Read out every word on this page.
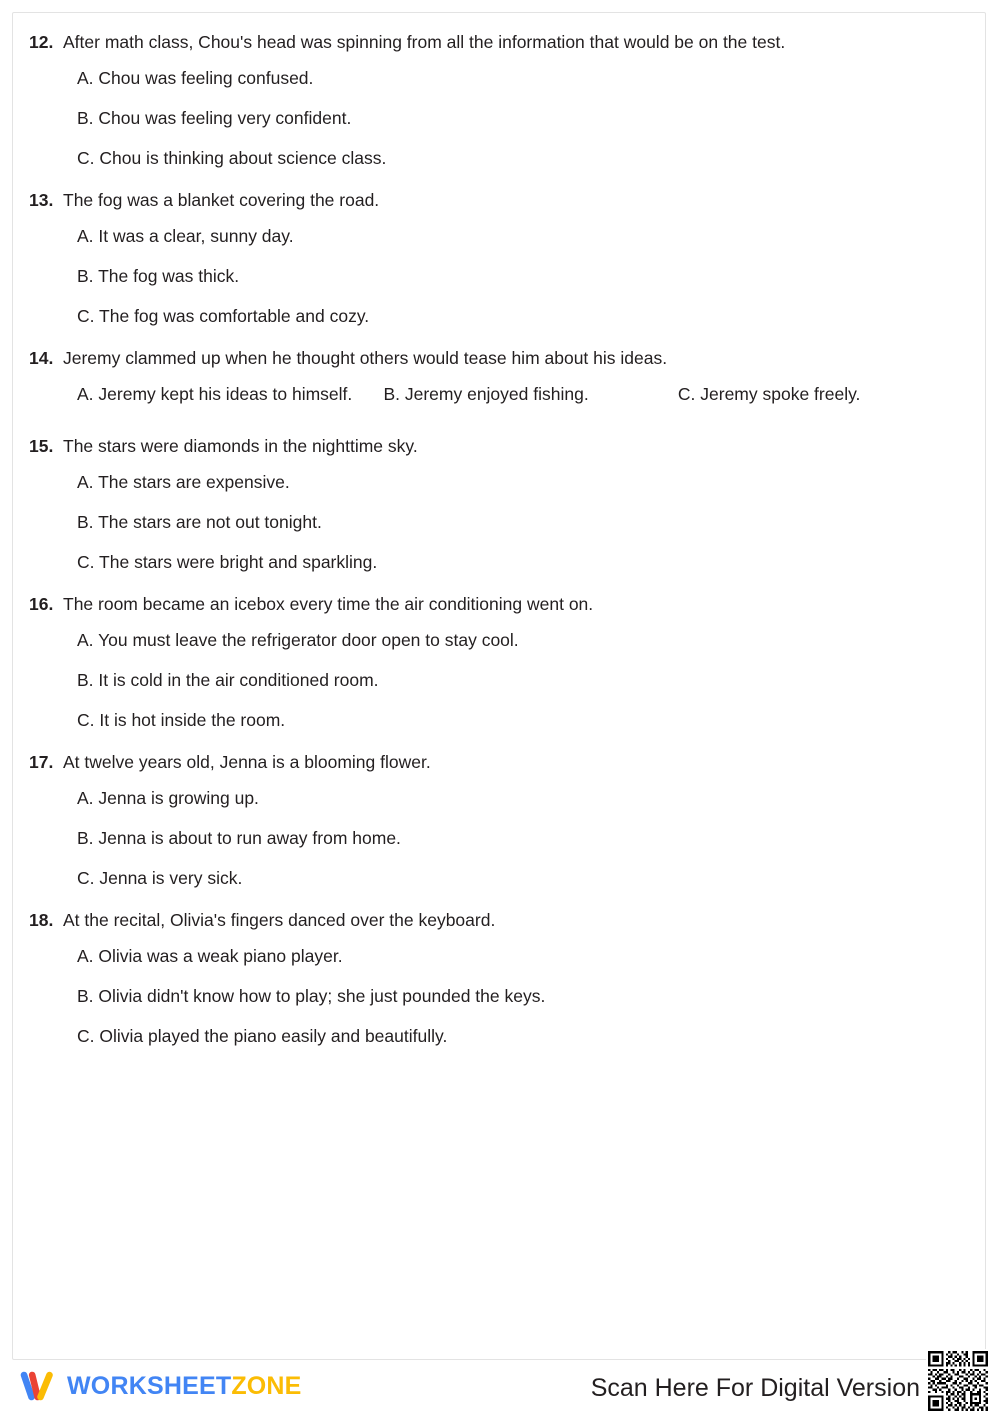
12. After math class, Chou's head was spinning from all the information that would be on the test.
A. Chou was feeling confused.
B. Chou was feeling very confident.
C. Chou is thinking about science class.
13. The fog was a blanket covering the road.
A. It was a clear, sunny day.
B. The fog was thick.
C. The fog was comfortable and cozy.
14. Jeremy clammed up when he thought others would tease him about his ideas.
A. Jeremy kept his ideas to himself. B. Jeremy enjoyed fishing.	C. Jeremy spoke freely.
15. The stars were diamonds in the nighttime sky.
A. The stars are expensive.
B. The stars are not out tonight.
C. The stars were bright and sparkling.
16. The room became an icebox every time the air conditioning went on.
A. You must leave the refrigerator door open to stay cool.
B. It is cold in the air conditioned room.
C. It is hot inside the room.
17. At twelve years old, Jenna is a blooming flower.
A. Jenna is growing up.
B. Jenna is about to run away from home.
C. Jenna is very sick.
18. At the recital, Olivia's fingers danced over the keyboard.
A. Olivia was a weak piano player.
B. Olivia didn't know how to play; she just pounded the keys.
C. Olivia played the piano easily and beautifully.
WORKSHEETZONE	Scan Here For Digital Version
